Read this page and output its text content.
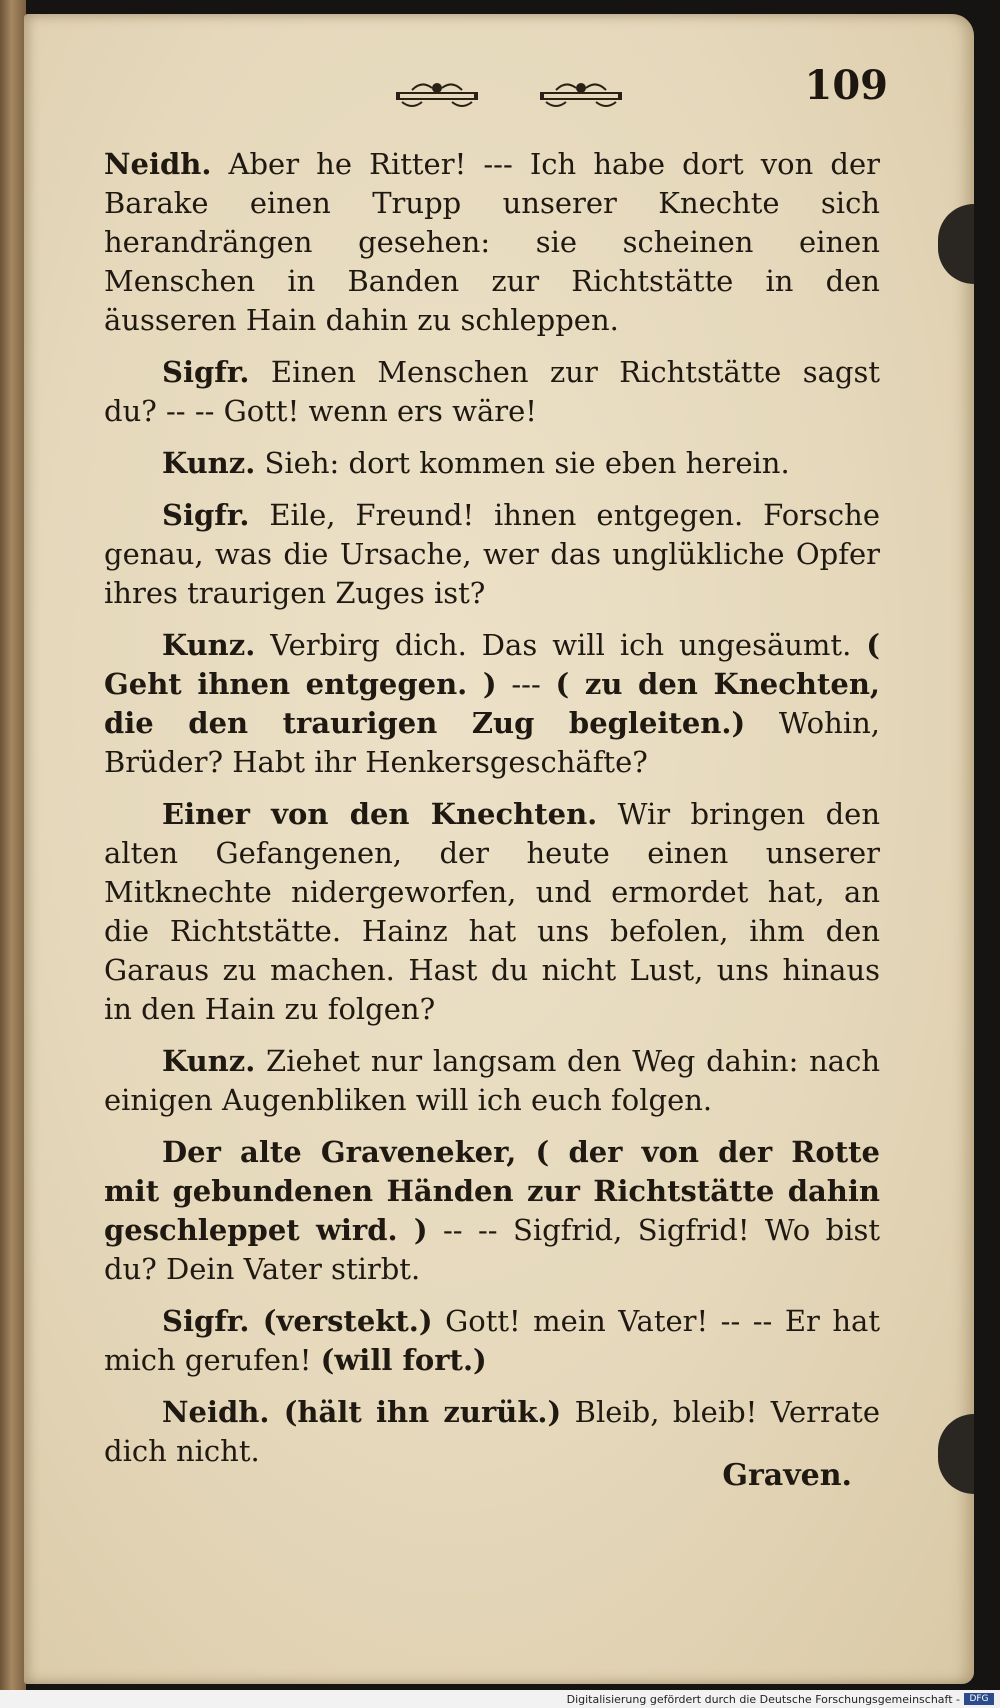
109

Neidh. Aber he Ritter! --- Ich habe dort von der Barake einen Trupp unserer Knechte sich herandrängen gesehen: sie scheinen einen Menschen in Banden zur Richtstätte in den äusseren Hain dahin zu schleppen.

Sigfr. Einen Menschen zur Richtstätte sagst du? -- -- Gott! wenn ers wäre!

Kunz. Sieh: dort kommen sie eben herein.

Sigfr. Eile, Freund! ihnen entgegen. Forsche genau, was die Ursache, wer das unglükliche Opfer ihres traurigen Zuges ist?

Kunz. Verbirg dich. Das will ich ungesäumt. ( Geht ihnen entgegen. ) --- ( zu den Knechten, die den traurigen Zug begleiten.) Wohin, Brüder? Habt ihr Henkersgeschäfte?

Einer von den Knechten. Wir bringen den alten Gefangenen, der heute einen unserer Mitknechte nidergeworfen, und ermordet hat, an die Richtstätte. Hainz hat uns befolen, ihm den Garaus zu machen. Hast du nicht Lust, uns hinaus in den Hain zu folgen?

Kunz. Ziehet nur langsam den Weg dahin: nach einigen Augenbliken will ich euch folgen.

Der alte Graveneker, ( der von der Rotte mit gebundenen Händen zur Richtstätte dahin geschleppet wird. ) -- -- Sigfrid, Sigfrid! Wo bist du? Dein Vater stirbt.

Sigfr. (verstekt.) Gott! mein Vater! -- -- Er hat mich gerufen! (will fort.)

Neidh. (hält ihn zurük.) Bleib, bleib! Verrate dich nicht.

Graven.
Digitalisierung gefördert durch die Deutsche Forschungsgemeinschaft -	DFG
